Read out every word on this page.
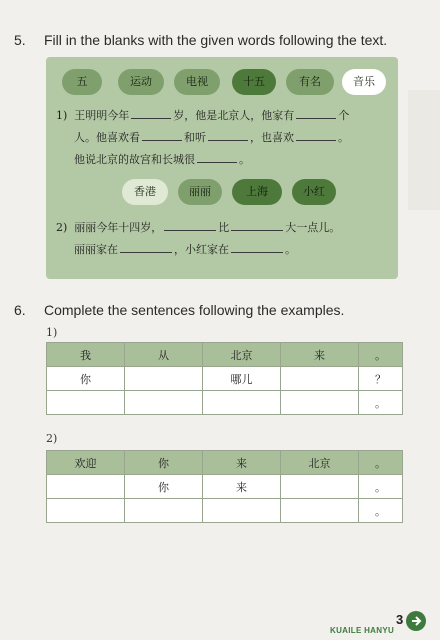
5. Fill in the blanks with the given words following the text.
五	运动	电视	十五	有名	音乐
1) 王明明今年	岁，他是北京人，他家有	个
人。他喜欢看	和听	，也喜欢	。
他说北京的故宫和长城很	。
香港	丽丽	上海	小红
2) 丽丽今年十四岁，	比	大一点儿。
丽丽家在	，小红家在	。
6. Complete the sentences following the examples.
1)
我	从	北京	来	。
你		哪儿		？
				。
2)
欢迎	你	来	北京	。
	你	来		。
				。
3
KUAILE HANYU
